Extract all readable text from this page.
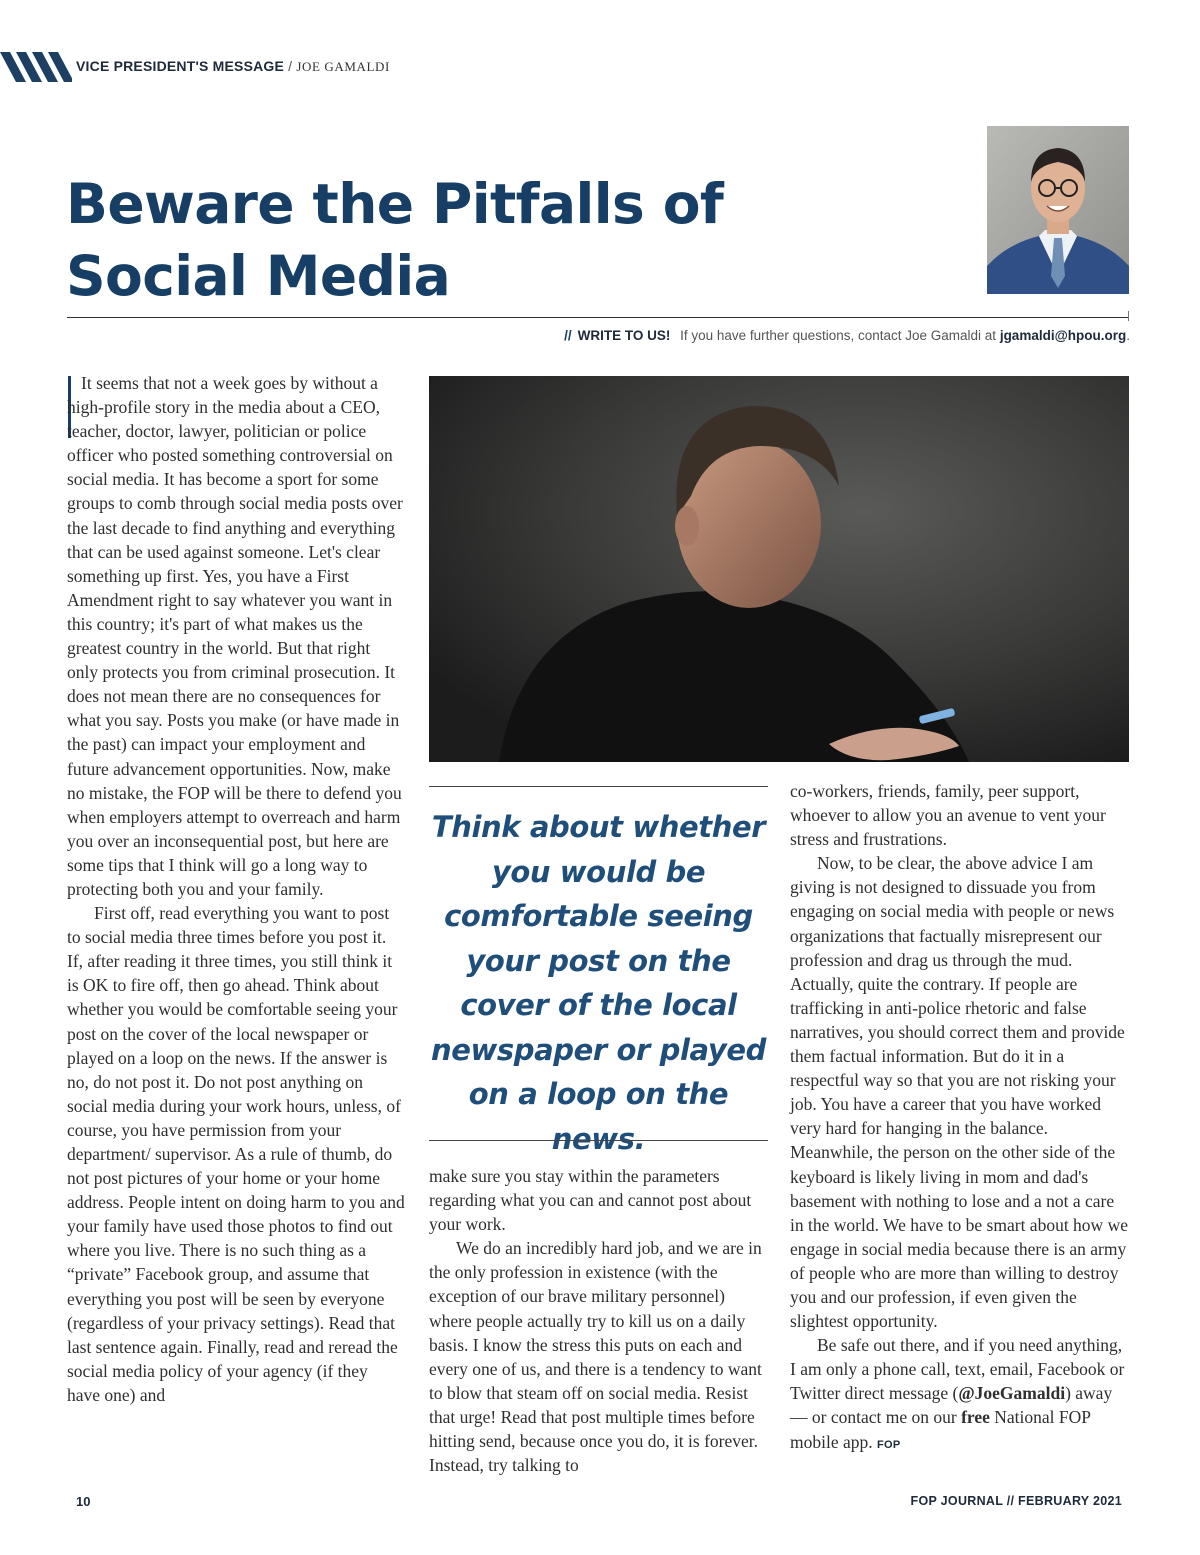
VICE PRESIDENT'S MESSAGE / JOE GAMALDI
Beware the Pitfalls of Social Media
// WRITE TO US! If you have further questions, contact Joe Gamaldi at jgamaldi@hpou.org.

It seems that not a week goes by without a high-profile story in the media about a CEO, teacher, doctor, lawyer, politician or police officer who posted something controversial on social media. It has become a sport for some groups to comb through social media posts over the last decade to find anything and everything that can be used against someone. Let's clear something up first. Yes, you have a First Amendment right to say whatever you want in this country; it's part of what makes us the greatest country in the world. But that right only protects you from criminal prosecution. It does not mean there are no consequences for what you say. Posts you make (or have made in the past) can impact your employment and future advancement opportunities. Now, make no mistake, the FOP will be there to defend you when employers attempt to overreach and harm you over an inconsequential post, but here are some tips that I think will go a long way to protecting both you and your family.

First off, read everything you want to post to social media three times before you post it. If, after reading it three times, you still think it is OK to fire off, then go ahead. Think about whether you would be comfortable seeing your post on the cover of the local newspaper or played on a loop on the news. If the answer is no, do not post it. Do not post anything on social media during your work hours, unless, of course, you have permission from your department/ supervisor. As a rule of thumb, do not post pictures of your home or your home address. People intent on doing harm to you and your family have used those photos to find out where you live. There is no such thing as a “private” Facebook group, and assume that everything you post will be seen by everyone (regardless of your privacy settings). Read that last sentence again. Finally, read and reread the social media policy of your agency (if they have one) and

Think about whether you would be comfortable seeing your post on the cover of the local newspaper or played on a loop on the news.

make sure you stay within the parameters regarding what you can and cannot post about your work.

We do an incredibly hard job, and we are in the only profession in existence (with the exception of our brave military personnel) where people actually try to kill us on a daily basis. I know the stress this puts on each and every one of us, and there is a tendency to want to blow that steam off on social media. Resist that urge! Read that post multiple times before hitting send, because once you do, it is forever. Instead, try talking to

co-workers, friends, family, peer support, whoever to allow you an avenue to vent your stress and frustrations.

Now, to be clear, the above advice I am giving is not designed to dissuade you from engaging on social media with people or news organizations that factually misrepresent our profession and drag us through the mud. Actually, quite the contrary. If people are trafficking in anti-police rhetoric and false narratives, you should correct them and provide them factual information. But do it in a respectful way so that you are not risking your job. You have a career that you have worked very hard for hanging in the balance. Meanwhile, the person on the other side of the keyboard is likely living in mom and dad's basement with nothing to lose and a not a care in the world. We have to be smart about how we engage in social media because there is an army of people who are more than willing to destroy you and our profession, if even given the slightest opportunity.

Be safe out there, and if you need anything, I am only a phone call, text, email, Facebook or Twitter direct message (@JoeGamaldi) away — or contact me on our free National FOP mobile app. FOP

10	FOP JOURNAL // FEBRUARY 2021
